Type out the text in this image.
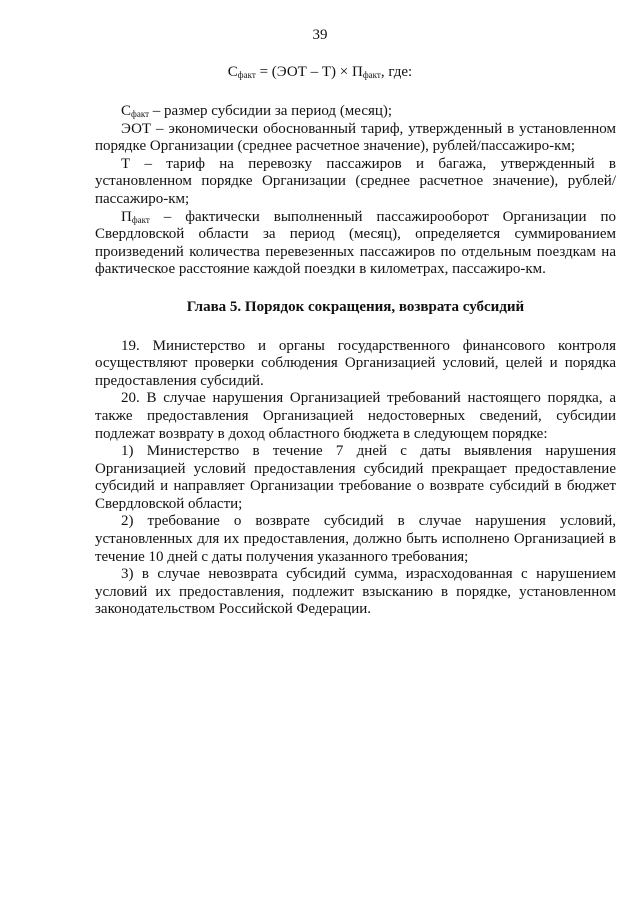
39
$С_{факт} = (ЭОТ - Т) \times П_{факт}$, где:

$С_{факт}$ – размер субсидии за период (месяц);

ЭОТ – экономически обоснованный тариф, утвержденный в установленном порядке Организации (среднее расчетное значение), рублей/пассажиро-км;

Т – тариф на перевозку пассажиров и багажа, утвержденный в установленном порядке Организации (среднее расчетное значение), рублей/пассажиро-км;

$П_{факт}$ – фактически выполненный пассажирооборот Организации по Свердловской области за период (месяц), определяется суммированием произведений количества перевезенных пассажиров по отдельным поездкам на фактическое расстояние каждой поездки в километрах, пассажиро-км.

Глава 5. Порядок сокращения, возврата субсидий

19. Министерство и органы государственного финансового контроля осуществляют проверки соблюдения Организацией условий, целей и порядка предоставления субсидий.

20. В случае нарушения Организацией требований настоящего порядка, а также предоставления Организацией недостоверных сведений, субсидии подлежат возврату в доход областного бюджета в следующем порядке:

1) Министерство в течение 7 дней с даты выявления нарушения Организацией условий предоставления субсидий прекращает предоставление субсидий и направляет Организации требование о возврате субсидий в бюджет Свердловской области;

2) требование о возврате субсидий в случае нарушения условий, установленных для их предоставления, должно быть исполнено Организацией в течение 10 дней с даты получения указанного требования;

3) в случае невозврата субсидий сумма, израсходованная с нарушением условий их предоставления, подлежит взысканию в порядке, установленном законодательством Российской Федерации.
